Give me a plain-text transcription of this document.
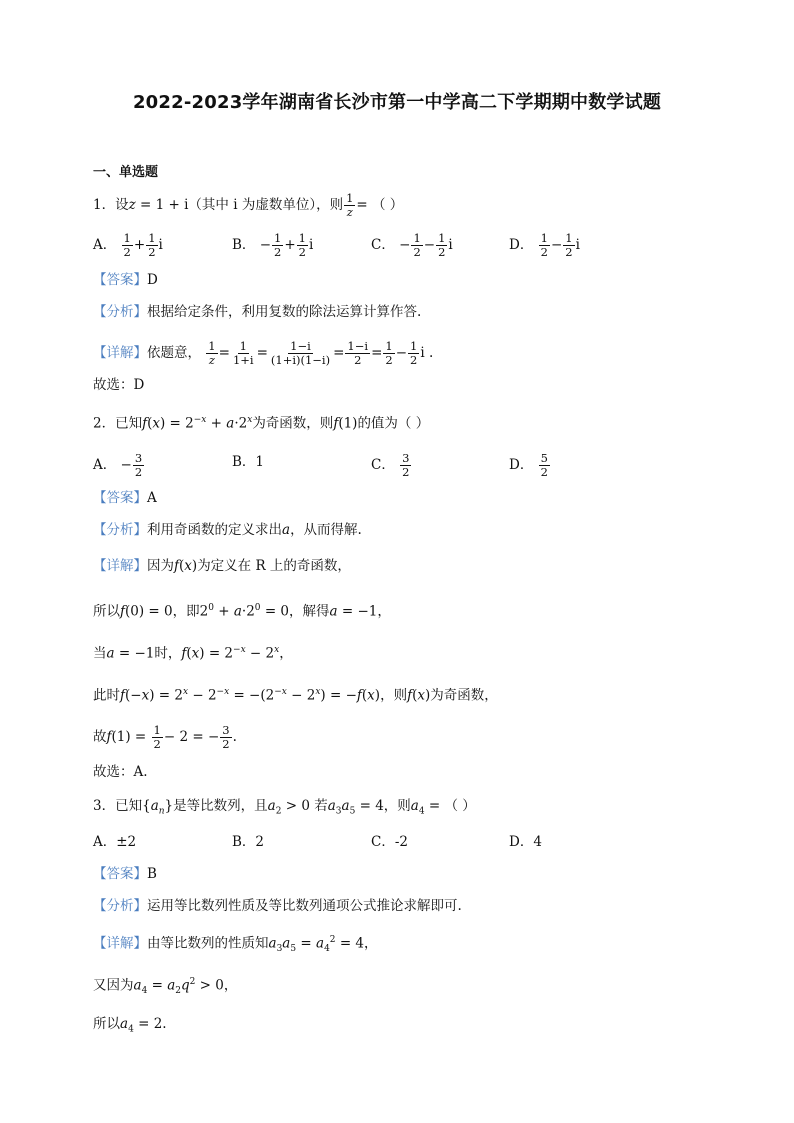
2022-2023学年湖南省长沙市第一中学高二下学期期中数学试题
一、单选题
1．设z = 1 + i（其中 i 为虚数单位），则 $\frac{1}{z}$ = （ ）
A． $\frac{1}{2} + \frac{1}{2}$ i	B． − $\frac{1}{2} + \frac{1}{2}$ i	C． − $\frac{1}{2} - \frac{1}{2}$ i	D． $\frac{1}{2} - \frac{1}{2}$ i
【答案】D
【分析】根据给定条件，利用复数的除法运算计算作答.
【详解】依题意， $\frac{1}{z} = \frac{1}{1+i} = \frac{1-i}{(1+i)(1-i)} = \frac{1-i}{2} = \frac{1}{2} - \frac{1}{2}$ i .
故选：D
2．已知$f(x) = 2^{-x} + a\cdot 2^x$为奇函数，则f(1)的值为（ ）
A． − $\frac{3}{2}$	B．1	C． $\frac{3}{2}$	D． $\frac{5}{2}$
【答案】A
【分析】利用奇函数的定义求出a，从而得解.
【详解】因为f(x)为定义在 R 上的奇函数，
所以f(0) = 0，即$2^0 + a\cdot 2^0 = 0$，解得a = −1，
当a = −1时，$f(x) = 2^{-x} - 2^x$，
此时$f(-x) = 2^x - 2^{-x} = -(2^{-x} - 2^x) = -f(x)$，则f(x)为奇函数，
故$f(1) = \frac{1}{2} - 2$ = − $\frac{3}{2}$ .
故选：A.
3．已知$\{a_n\}$是等比数列，且$a_2 > 0$ 若$a_3a_5 = 4$，则$a_4$ = （ ）
A．±2	B．2	C．-2	D．4
【答案】B
【分析】运用等比数列性质及等比数列通项公式推论求解即可.
【详解】由等比数列的性质知$a_3a_5 = a_4^2 = 4$，
又因为$a_4 = a_2q^2 > 0$，
所以$a_4 = 2$.
